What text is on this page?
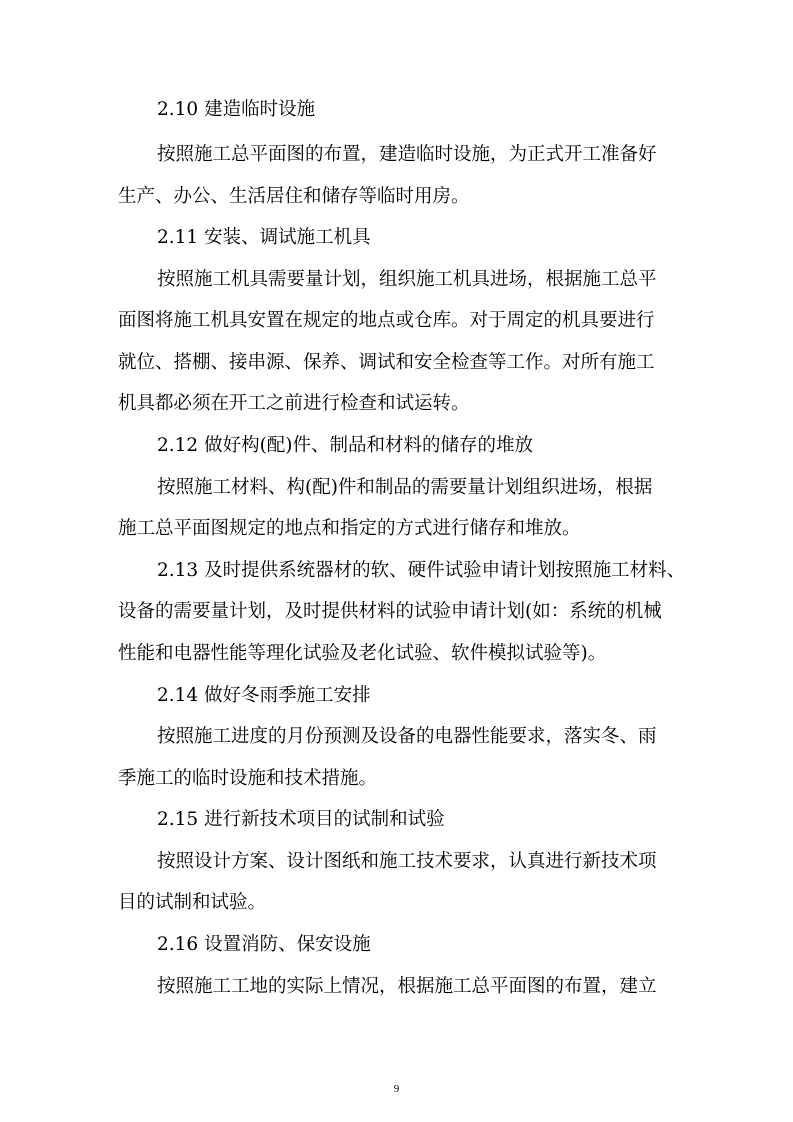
2.10 建造临时设施
按照施工总平面图的布置，建造临时设施，为正式开工准备好
生产、办公、生活居住和储存等临时用房。
2.11 安装、调试施工机具
按照施工机具需要量计划，组织施工机具进场，根据施工总平
面图将施工机具安置在规定的地点或仓库。对于周定的机具要进行
就位、搭棚、接串源、保养、调试和安全检查等工作。对所有施工
机具都必须在开工之前进行检查和试运转。
2.12 做好构(配)件、制品和材料的储存的堆放
按照施工材料、构(配)件和制品的需要量计划组织进场，根据
施工总平面图规定的地点和指定的方式进行储存和堆放。
2.13 及时提供系统器材的软、硬件试验申请计划按照施工材料、
设备的需要量计划，及时提供材料的试验申请计划(如：系统的机械
性能和电器性能等理化试验及老化试验、软件模拟试验等)。
2.14 做好冬雨季施工安排
按照施工进度的月份预测及设备的电器性能要求，落实冬、雨
季施工的临时设施和技术措施。
2.15 进行新技术项目的试制和试验
按照设计方案、设计图纸和施工技术要求，认真进行新技术项
目的试制和试验。
2.16 设置消防、保安设施
按照施工工地的实际上情况，根据施工总平面图的布置，建立
9
